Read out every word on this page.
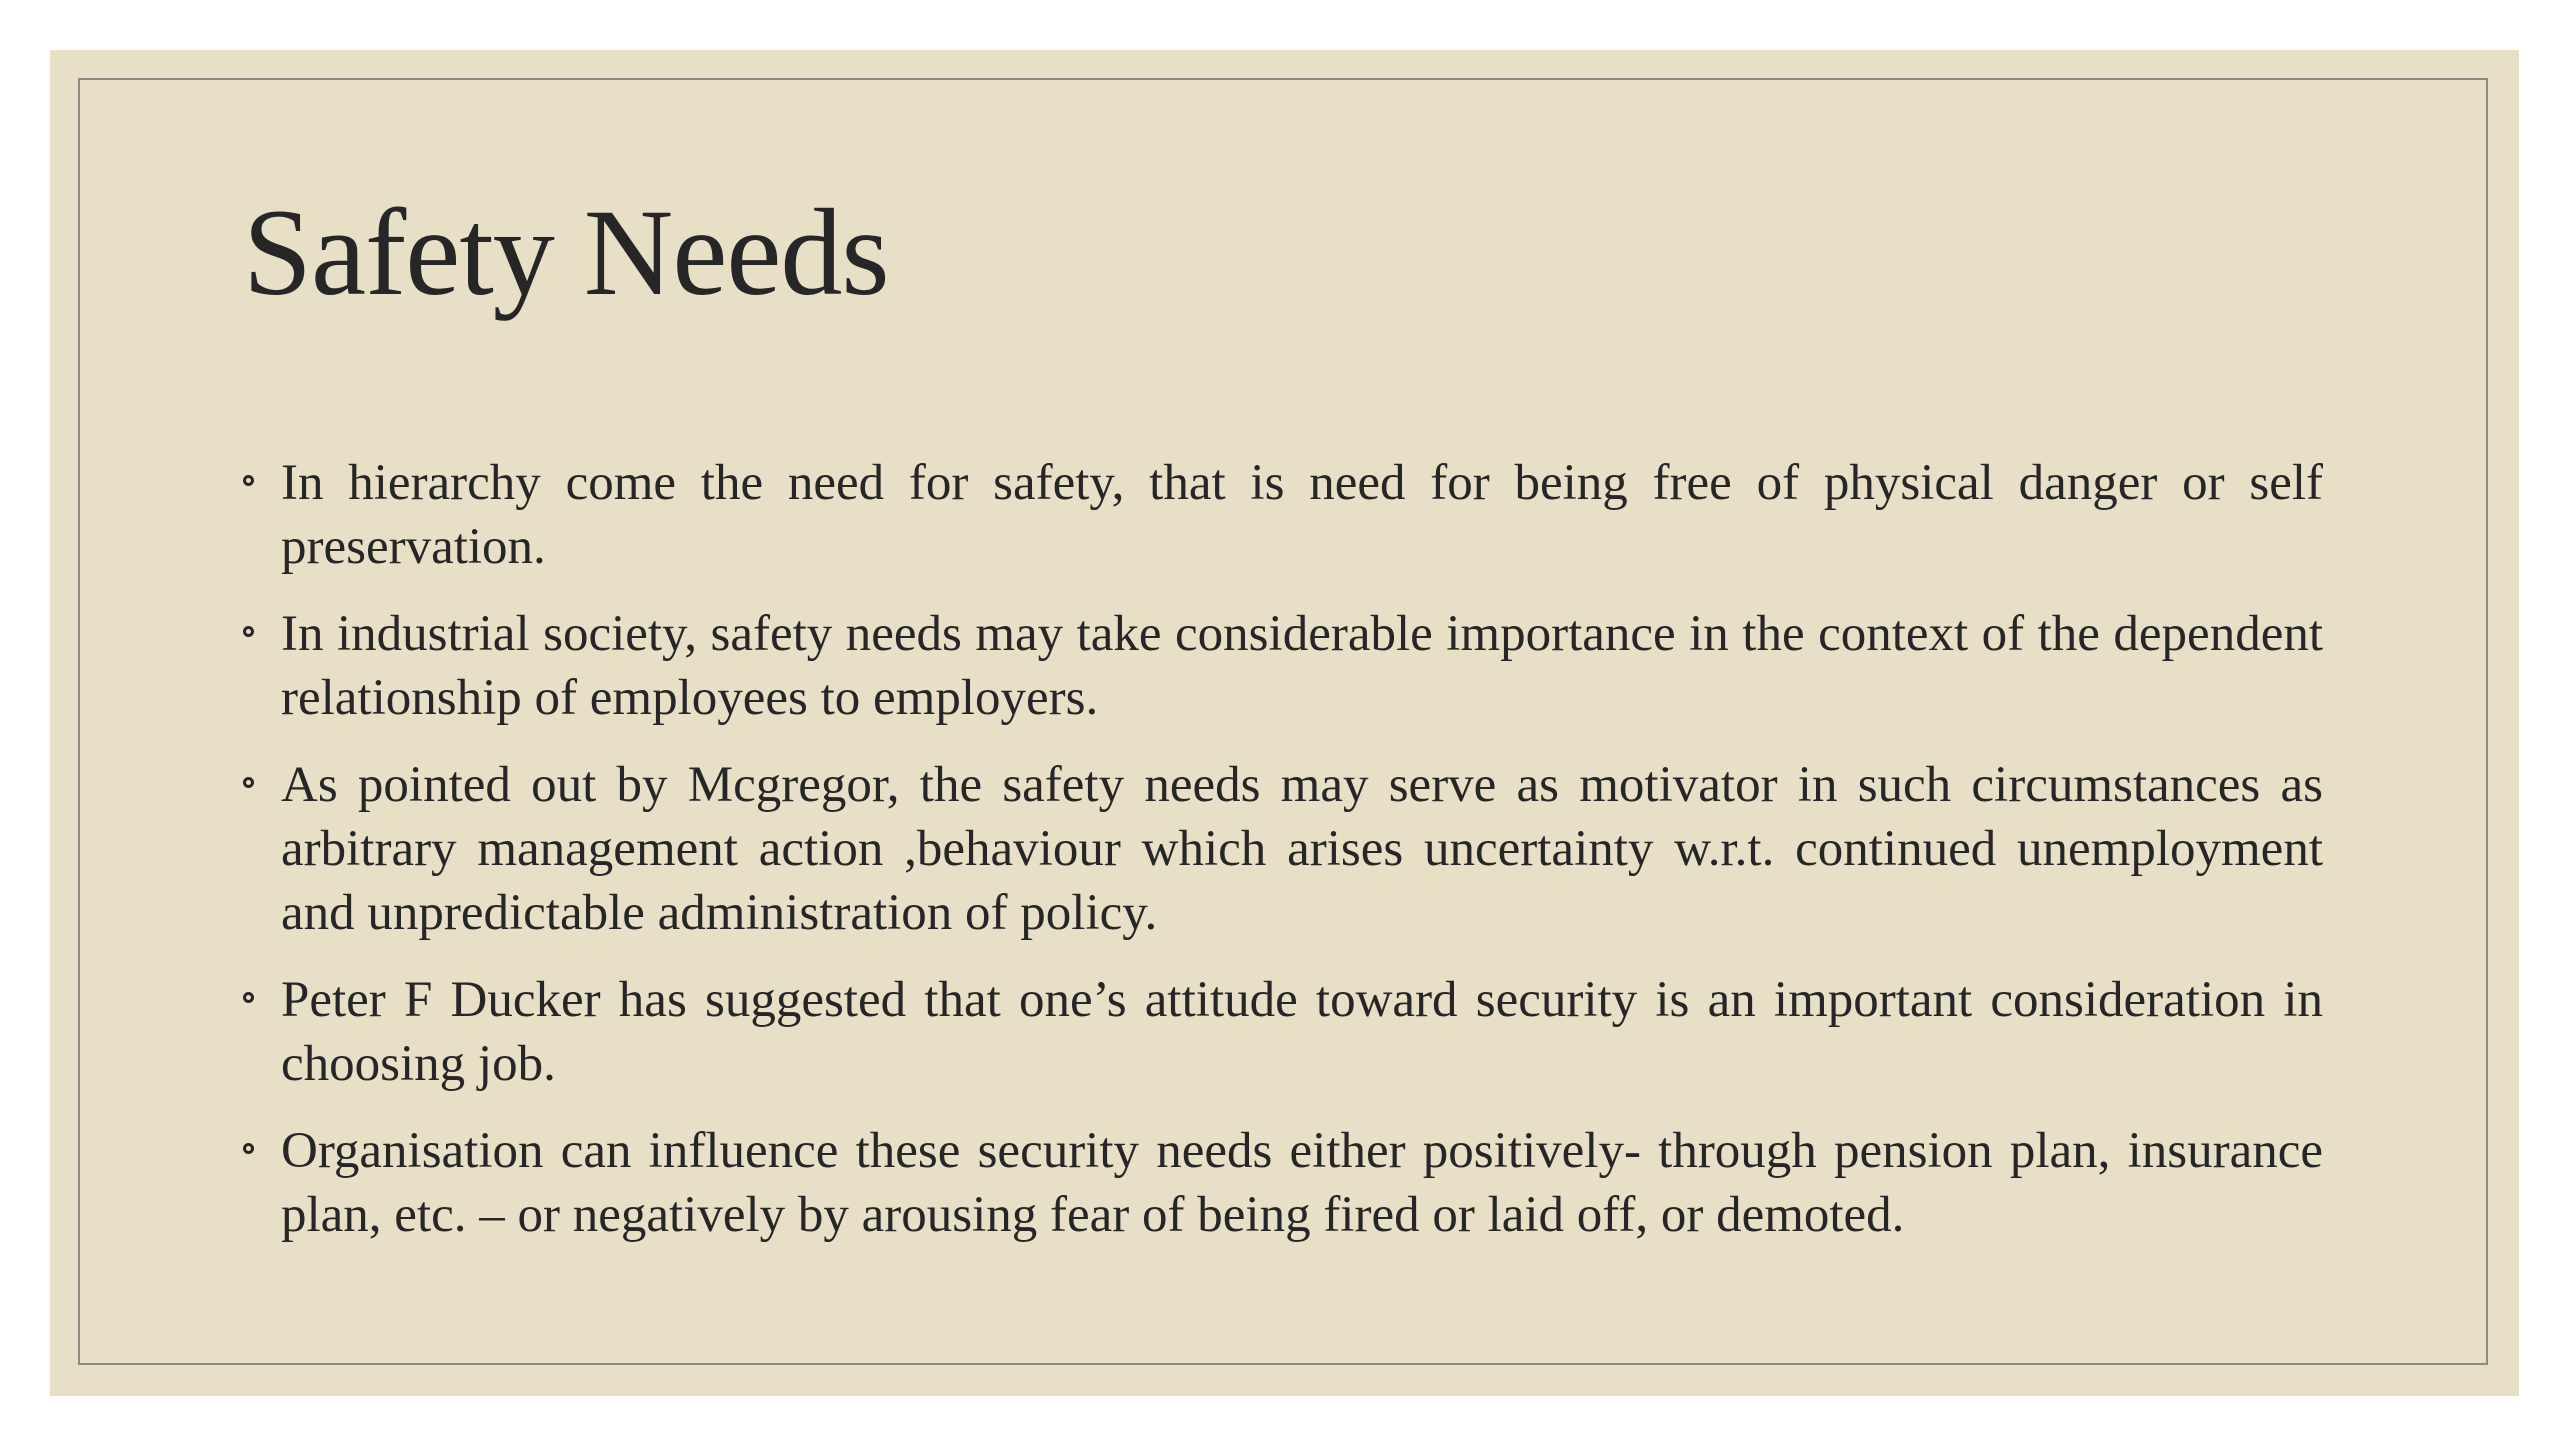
Safety Needs
In hierarchy come the need for safety, that is need for being free of physical danger or self preservation.
In industrial society, safety needs may take considerable importance in the context of the dependent relationship of employees to employers.
As pointed out by Mcgregor, the safety needs may serve as motivator in such circumstances as arbitrary management action ,behaviour which arises uncertainty w.r.t. continued unemployment and unpredictable administration of policy.
Peter F Ducker has suggested that one’s attitude toward security is an important consideration in choosing job.
Organisation can influence these security needs either positively- through pension plan, insurance plan, etc. – or negatively by arousing fear of being fired or laid off, or demoted.
